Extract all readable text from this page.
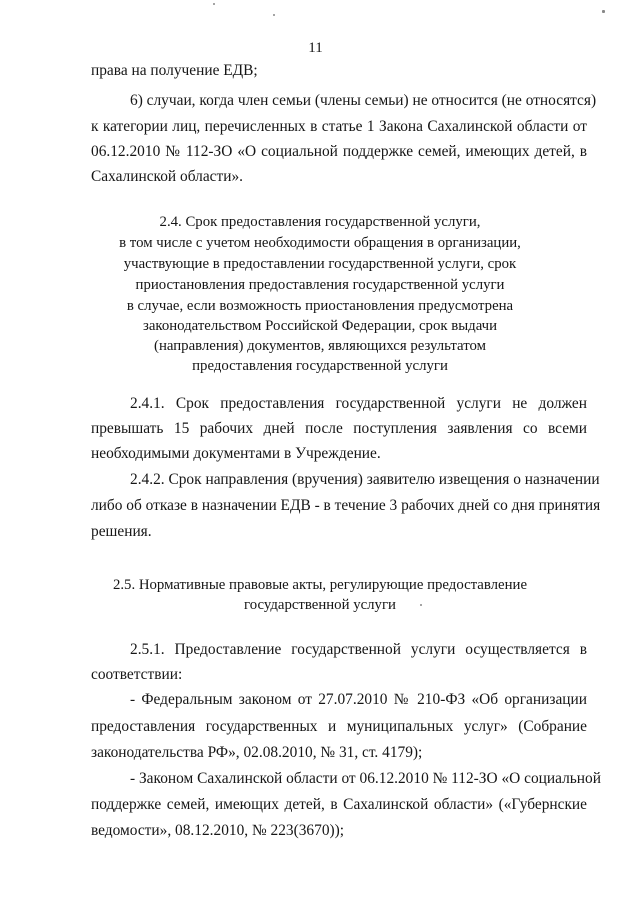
11
права на получение ЕДВ;
6) случаи, когда член семьи (члены семьи) не относится (не относятся)
к категории лиц, перечисленных в статье 1 Закона Сахалинской области от
06.12.2010 № 112-ЗО «О социальной поддержке семей, имеющих детей, в
Сахалинской области».
2.4. Срок предоставления государственной услуги,
в том числе с учетом необходимости обращения в организации,
участвующие в предоставлении государственной услуги, срок
приостановления предоставления государственной услуги
в случае, если возможность приостановления предусмотрена
законодательством Российской Федерации, срок выдачи
(направления) документов, являющихся результатом
предоставления государственной услуги
2.4.1. Срок предоставления государственной услуги не должен
превышать 15 рабочих дней после поступления заявления со всеми
необходимыми документами в Учреждение.
2.4.2. Срок направления (вручения) заявителю извещения о назначении
либо об отказе в назначении ЕДВ - в течение 3 рабочих дней со дня принятия
решения.
2.5. Нормативные правовые акты, регулирующие предоставление
государственной услуги
2.5.1. Предоставление государственной услуги осуществляется в
соответствии:
- Федеральным законом от 27.07.2010 № 210-ФЗ «Об организации
предоставления государственных и муниципальных услуг» (Собрание
законодательства РФ», 02.08.2010, № 31, ст. 4179);
- Законом Сахалинской области от 06.12.2010 № 112-ЗО «О социальной
поддержке семей, имеющих детей, в Сахалинской области» («Губернские
ведомости», 08.12.2010, № 223(3670));
